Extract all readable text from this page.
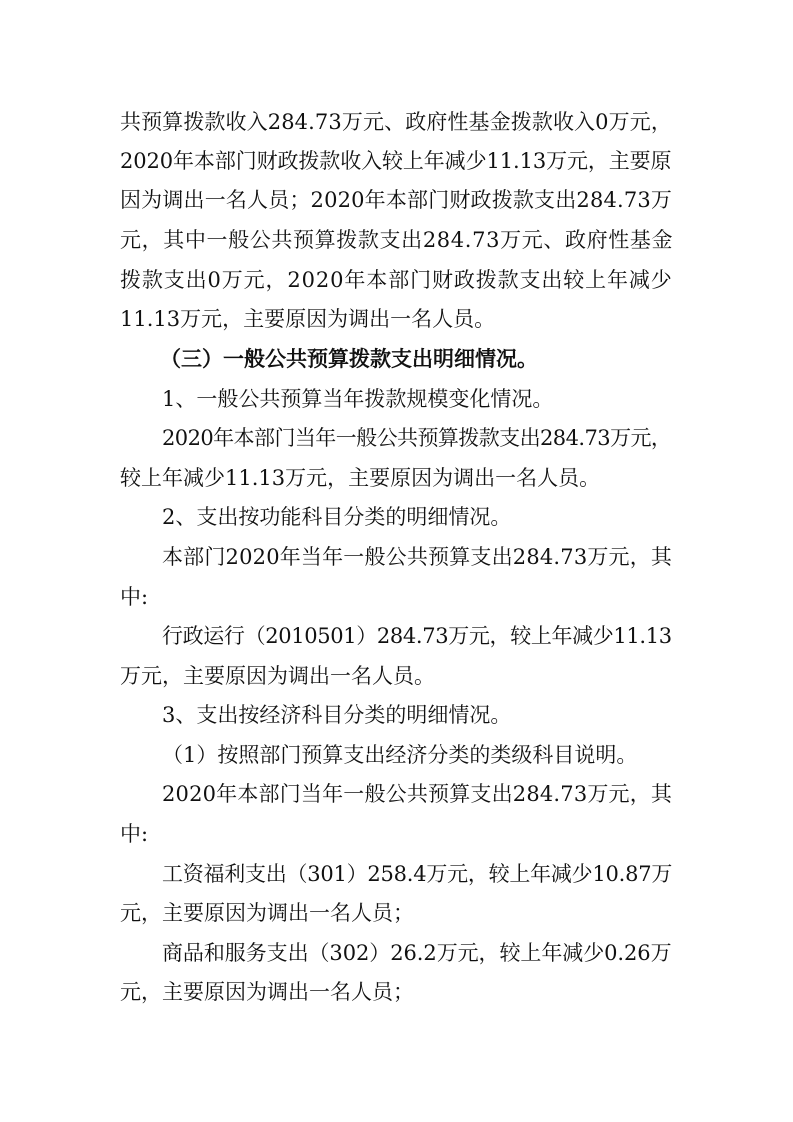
共预算拨款收入284.73万元、政府性基金拨款收入0万元，
2020年本部门财政拨款收入较上年减少11.13万元，主要原
因为调出一名人员；2020年本部门财政拨款支出284.73万
元，其中一般公共预算拨款支出284.73万元、政府性基金
拨款支出0万元，2020年本部门财政拨款支出较上年减少
11.13万元，主要原因为调出一名人员。
（三）一般公共预算拨款支出明细情况。
1、一般公共预算当年拨款规模变化情况。
2020年本部门当年一般公共预算拨款支出284.73万元，
较上年减少11.13万元，主要原因为调出一名人员。
2、支出按功能科目分类的明细情况。
本部门2020年当年一般公共预算支出284.73万元，其
中:
行政运行（2010501）284.73万元，较上年减少11.13
万元，主要原因为调出一名人员。
3、支出按经济科目分类的明细情况。
（1）按照部门预算支出经济分类的类级科目说明。
2020年本部门当年一般公共预算支出284.73万元，其
中:
工资福利支出（301）258.4万元，较上年减少10.87万
元，主要原因为调出一名人员；
商品和服务支出（302）26.2万元，较上年减少0.26万
元，主要原因为调出一名人员；
